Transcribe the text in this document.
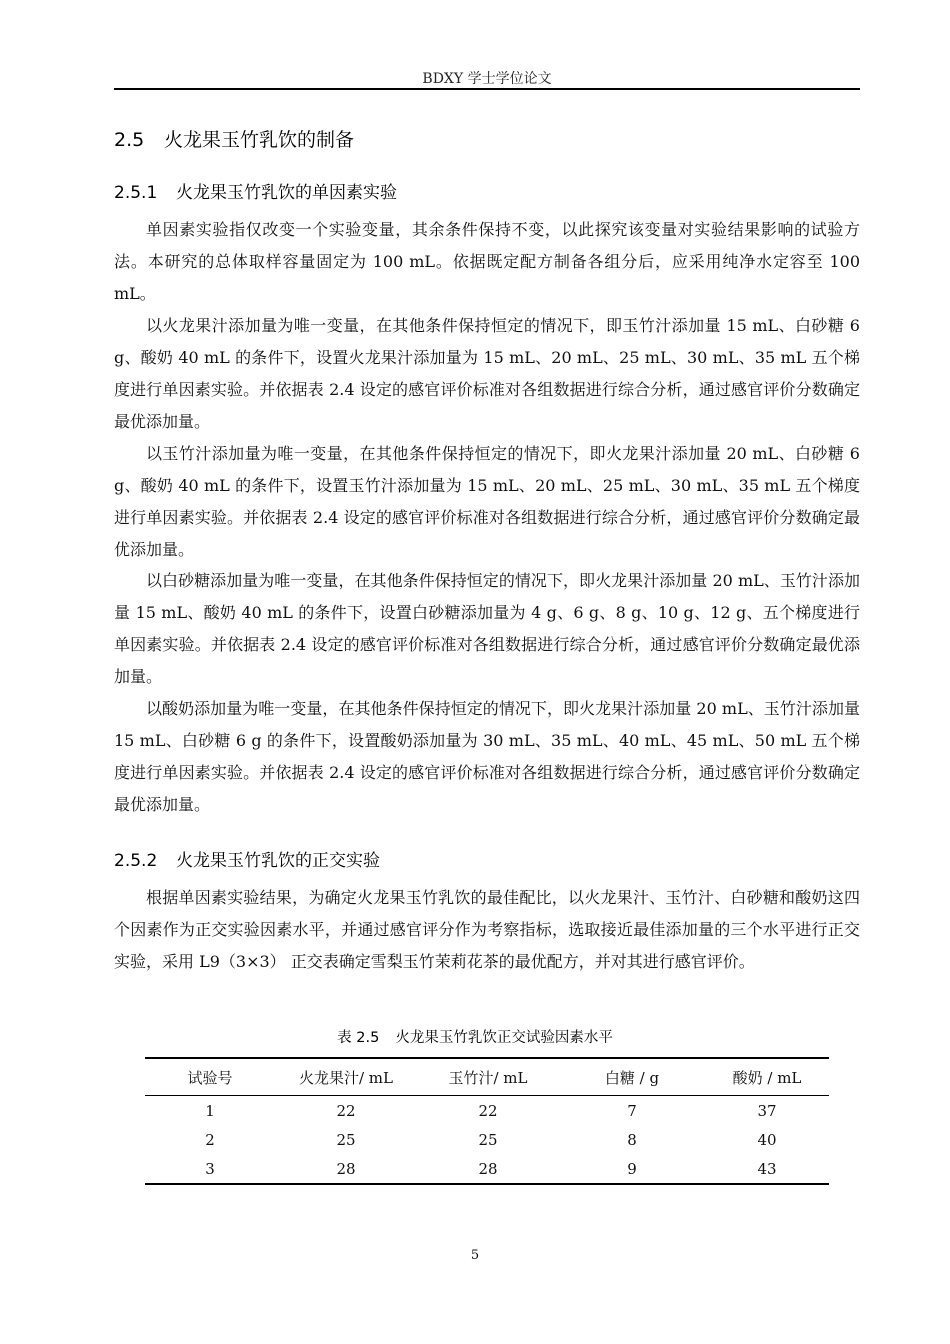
BDXY 学士学位论文
2.5 火龙果玉竹乳饮的制备
2.5.1 火龙果玉竹乳饮的单因素实验

单因素实验指仅改变一个实验变量，其余条件保持不变，以此探究该变量对实验结果影响的试验方法。本研究的总体取样容量固定为 100 mL。依据既定配方制备各组分后，应采用纯净水定容至 100 mL。

以火龙果汁添加量为唯一变量，在其他条件保持恒定的情况下，即玉竹汁添加量 15 mL、白砂糖 6 g、酸奶 40 mL 的条件下，设置火龙果汁添加量为 15 mL、20 mL、25 mL、30 mL、35 mL 五个梯度进行单因素实验。并依据表 2.4 设定的感官评价标准对各组数据进行综合分析，通过感官评价分数确定最优添加量。

以玉竹汁添加量为唯一变量，在其他条件保持恒定的情况下，即火龙果汁添加量 20 mL、白砂糖 6 g、酸奶 40 mL 的条件下，设置玉竹汁添加量为 15 mL、20 mL、25 mL、30 mL、35 mL 五个梯度进行单因素实验。并依据表 2.4 设定的感官评价标准对各组数据进行综合分析，通过感官评价分数确定最优添加量。

以白砂糖添加量为唯一变量，在其他条件保持恒定的情况下，即火龙果汁添加量 20 mL、玉竹汁添加量 15 mL、酸奶 40 mL 的条件下，设置白砂糖添加量为 4 g、6 g、8 g、10 g、12 g、五个梯度进行单因素实验。并依据表 2.4 设定的感官评价标准对各组数据进行综合分析，通过感官评价分数确定最优添加量。

以酸奶添加量为唯一变量，在其他条件保持恒定的情况下，即火龙果汁添加量 20 mL、玉竹汁添加量 15 mL、白砂糖 6 g 的条件下，设置酸奶添加量为 30 mL、35 mL、40 mL、45 mL、50 mL 五个梯度进行单因素实验。并依据表 2.4 设定的感官评价标准对各组数据进行综合分析，通过感官评价分数确定最优添加量。

2.5.2 火龙果玉竹乳饮的正交实验

根据单因素实验结果，为确定火龙果玉竹乳饮的最佳配比，以火龙果汁、玉竹汁、白砂糖和酸奶这四个因素作为正交实验因素水平，并通过感官评分作为考察指标，选取接近最佳添加量的三个水平进行正交实验，采用 L9（3×3） 正交表确定雪梨玉竹茉莉花茶的最优配方，并对其进行感官评价。

表 2.5 火龙果玉竹乳饮正交试验因素水平
试验号	火龙果汁/ mL	玉竹汁/ mL	白糖 / g	酸奶 / mL
1	22	22	7	37
2	25	25	8	40
3	28	28	9	43
5
